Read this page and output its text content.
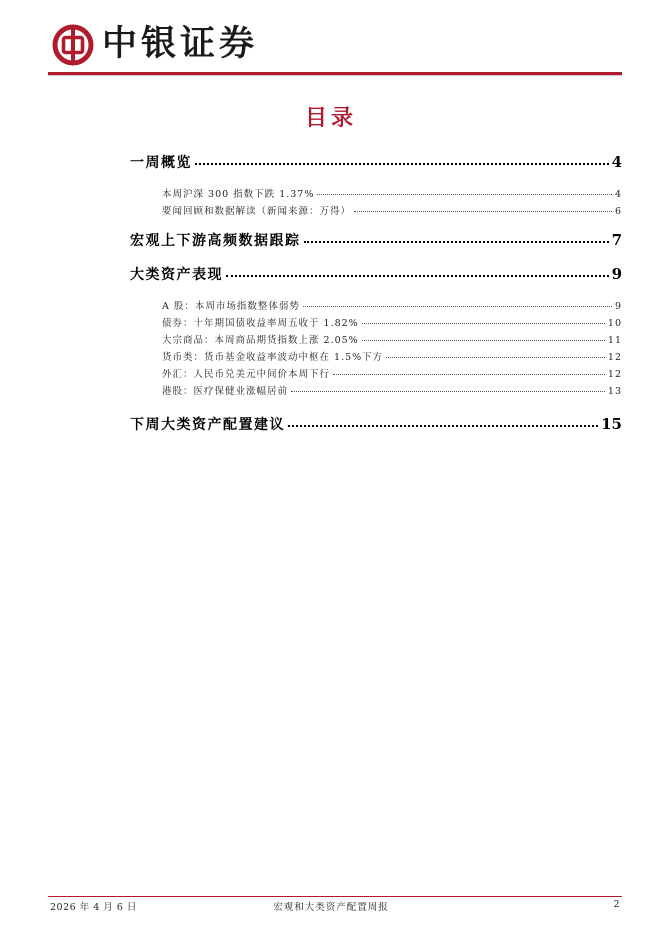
中银证券
目录
一周概览	4
本周沪深 300 指数下跌 1.37%	4
要闻回顾和数据解读（新闻来源：万得）	6
宏观上下游高频数据跟踪	7
大类资产表现	9
A 股：本周市场指数整体弱势	9
债券：十年期国债收益率周五收于 1.82%	10
大宗商品：本周商品期货指数上涨 2.05%	11
货币类：货币基金收益率波动中枢在 1.5%下方	12
外汇：人民币兑美元中间价本周下行	12
港股：医疗保健业涨幅居前	13
下周大类资产配置建议	15
2026 年 4 月 6 日	宏观和大类资产配置周报	2
